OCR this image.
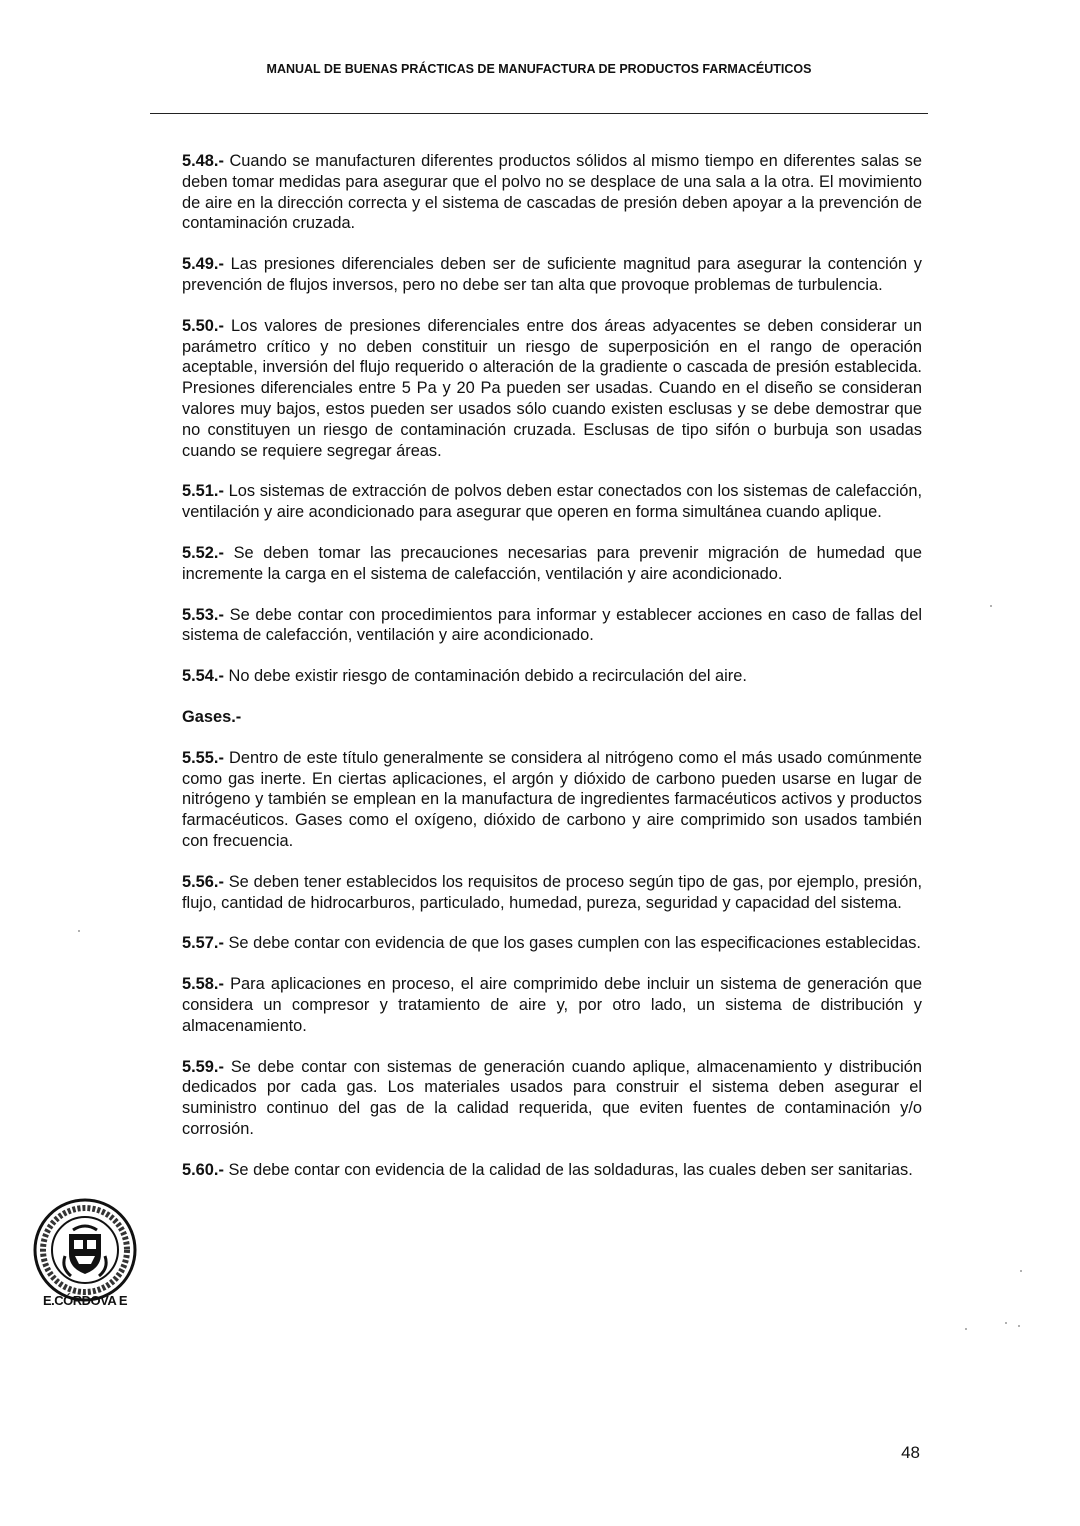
MANUAL DE BUENAS PRÁCTICAS DE MANUFACTURA DE PRODUCTOS FARMACÉUTICOS

5.48.- Cuando se manufacturen diferentes productos sólidos al mismo tiempo en diferentes salas se deben tomar medidas para asegurar que el polvo no se desplace de una sala a la otra. El movimiento de aire en la dirección correcta y el sistema de cascadas de presión deben apoyar a la prevención de contaminación cruzada.

5.49.- Las presiones diferenciales deben ser de suficiente magnitud para asegurar la contención y prevención de flujos inversos, pero no debe ser tan alta que provoque problemas de turbulencia.

5.50.- Los valores de presiones diferenciales entre dos áreas adyacentes se deben considerar un parámetro crítico y no deben constituir un riesgo de superposición en el rango de operación aceptable, inversión del flujo requerido o alteración de la gradiente o cascada de presión establecida. Presiones diferenciales entre 5 Pa y 20 Pa pueden ser usadas. Cuando en el diseño se consideran valores muy bajos, estos pueden ser usados sólo cuando existen esclusas y se debe demostrar que no constituyen un riesgo de contaminación cruzada. Esclusas de tipo sifón o burbuja son usadas cuando se requiere segregar áreas.

5.51.- Los sistemas de extracción de polvos deben estar conectados con los sistemas de calefacción, ventilación y aire acondicionado para asegurar que operen en forma simultánea cuando aplique.

5.52.- Se deben tomar las precauciones necesarias para prevenir migración de humedad que incremente la carga en el sistema de calefacción, ventilación y aire acondicionado.

5.53.- Se debe contar con procedimientos para informar y establecer acciones en caso de fallas del sistema de calefacción, ventilación y aire acondicionado.

5.54.- No debe existir riesgo de contaminación debido a recirculación del aire.

Gases.-

5.55.- Dentro de este título generalmente se considera al nitrógeno como el más usado comúnmente como gas inerte. En ciertas aplicaciones, el argón y dióxido de carbono pueden usarse en lugar de nitrógeno y también se emplean en la manufactura de ingredientes farmacéuticos activos y productos farmacéuticos. Gases como el oxígeno, dióxido de carbono y aire comprimido son usados también con frecuencia.

5.56.- Se deben tener establecidos los requisitos de proceso según tipo de gas, por ejemplo, presión, flujo, cantidad de hidrocarburos, particulado, humedad, pureza, seguridad y capacidad del sistema.

5.57.- Se debe contar con evidencia de que los gases cumplen con las especificaciones establecidas.

5.58.- Para aplicaciones en proceso, el aire comprimido debe incluir un sistema de generación que considera un compresor y tratamiento de aire y, por otro lado, un sistema de distribución y almacenamiento.

5.59.- Se debe contar con sistemas de generación cuando aplique, almacenamiento y distribución dedicados por cada gas. Los materiales usados para construir el sistema deben asegurar el suministro continuo del gas de la calidad requerida, que eviten fuentes de contaminación y/o corrosión.

5.60.- Se debe contar con evidencia de la calidad de las soldaduras, las cuales deben ser sanitarias.

E.CÓRDOVA E
48
